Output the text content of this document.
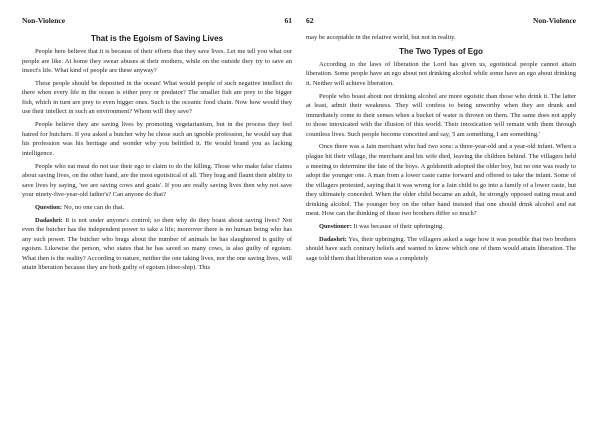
Non-Violence	61
That is the Egoism of Saving Lives

People here believe that it is because of their efforts that they save lives. Let me tell you what our people are like. At home they swear abuses at their mothers, while on the outside they try to save an insect's life. What kind of people are these anyway?

These people should be deposited in the ocean! What would people of such negative intellect do there when every life in the ocean is either prey or predator? The smaller fish are prey to the bigger fish, which in turn are prey to even bigger ones. Such is the oceanic food chain. Now how would they use their intellect in such an environment? Whom will they save?

People believe they are saving lives by promoting vegetarianism, but in the process they feel hatred for butchers. If you asked a butcher why he chose such an ignoble profession, he would say that his profession was his heritage and wonder why you belittled it. He would brand you as lacking intelligence.

People who eat meat do not use their ego to claim to do the killing. Those who make false claims about saving lives, on the other hand, are the most egotistical of all. They brag and flaunt their ability to save lives by saying, 'we are saving cows and goats'. If you are really saving lives then why not save your ninety-five-year-old father's? Can anyone do that?

Question: No, no one can do that.

Dadashri: It is not under anyone's control; so then why do they boast about saving lives? Not even the butcher has the independent power to take a life; moreover there is no human being who has any such power. The butcher who brags about the number of animals he has slaughtered is guilty of egoism. Likewise the person, who states that he has saved so many cows, is also guilty of egoism. What then is the reality? According to nature, neither the one taking lives, nor the one saving lives, will attain liberation because they are both guilty of egoism (doer-ship). This

62	Non-Violence

may be acceptable in the relative world, but not in reality.

The Two Types of Ego

According to the laws of liberation the Lord has given us, egotistical people cannot attain liberation. Some people have an ego about not drinking alcohol while some have an ego about drinking it. Neither will achieve liberation.

People who boast about not drinking alcohol are more egoistic than those who drink it. The latter at least, admit their weakness. They will confess to being unworthy when they are drunk and immediately come to their senses when a bucket of water is thrown on them. The same does not apply to those intoxicated with the illusion of this world. Their intoxication will remain with them through countless lives. Such people become conceited and say, 'I am something, I am something.'

Once there was a Jain merchant who had two sons: a three-year-old and a year-old infant. When a plague hit their village, the merchant and his wife died, leaving the children behind. The villagers held a meeting to determine the fate of the boys. A goldsmith adopted the older boy, but no one was ready to adopt the younger one. A man from a lower caste came forward and offered to take the infant. Some of the villagers protested, saying that it was wrong for a Jain child to go into a family of a lower caste, but they ultimately conceded. When the older child became an adult, he strongly opposed eating meat and drinking alcohol. The younger boy on the other hand insisted that one should drink alcohol and eat meat. How can the thinking of these two brothers differ so much?

Questioner: It was because of their upbringing.

Dadashri: Yes, their upbringing. The villagers asked a sage how it was possible that two brothers should have such contrary beliefs and wanted to know which one of them would attain liberation. The sage told them that liberation was a completely
